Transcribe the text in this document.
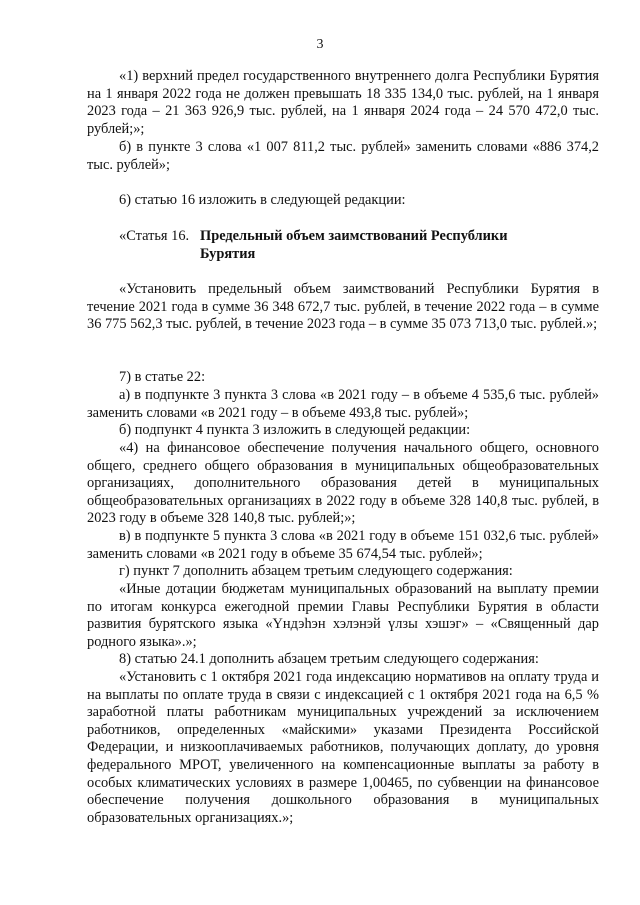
3
«1) верхний предел государственного внутреннего долга Республики Бурятия на 1 января 2022 года не должен превышать 18 335 134,0 тыс. рублей, на 1 января 2023 года – 21 363 926,9 тыс. рублей, на 1 января 2024 года – 24 570 472,0 тыс. рублей;»;
б) в пункте 3 слова «1 007 811,2 тыс. рублей» заменить словами «886 374,2 тыс. рублей»;
6) статью 16 изложить в следующей редакции:
«Статья 16. Предельный объем заимствований Республики Бурятия
«Установить предельный объем заимствований Республики Бурятия в течение 2021 года в сумме 36 348 672,7 тыс. рублей, в течение 2022 года – в сумме 36 775 562,3 тыс. рублей, в течение 2023 года – в сумме 35 073 713,0 тыс. рублей.»;
7) в статье 22:
а) в подпункте 3 пункта 3 слова «в 2021 году – в объеме 4 535,6 тыс. рублей» заменить словами «в 2021 году – в объеме 493,8 тыс. рублей»;
б) подпункт 4 пункта 3 изложить в следующей редакции:
«4) на финансовое обеспечение получения начального общего, основного общего, среднего общего образования в муниципальных общеобразовательных организациях, дополнительного образования детей в муниципальных общеобразовательных организациях в 2022 году в объеме 328 140,8 тыс. рублей, в 2023 году в объеме 328 140,8 тыс. рублей;»;
в) в подпункте 5 пункта 3 слова «в 2021 году в объеме 151 032,6 тыс. рублей» заменить словами «в 2021 году в объеме 35 674,54 тыс. рублей»;
г) пункт 7 дополнить абзацем третьим следующего содержания:
«Иные дотации бюджетам муниципальных образований на выплату премии по итогам конкурса ежегодной премии Главы Республики Бурятия в области развития бурятского языка «Үндэһэн хэлэнэй үлзы хэшэг» – «Священный дар родного языка».»;
8) статью 24.1 дополнить абзацем третьим следующего содержания:
«Установить с 1 октября 2021 года индексацию нормативов на оплату труда и на выплаты по оплате труда в связи с индексацией с 1 октября 2021 года на 6,5 % заработной платы работникам муниципальных учреждений за исключением работников, определенных «майскими» указами Президента Российской Федерации, и низкооплачиваемых работников, получающих доплату, до уровня федерального МРОТ, увеличенного на компенсационные выплаты за работу в особых климатических условиях в размере 1,00465, по субвенции на финансовое обеспечение получения дошкольного образования в муниципальных образовательных организациях.»;
